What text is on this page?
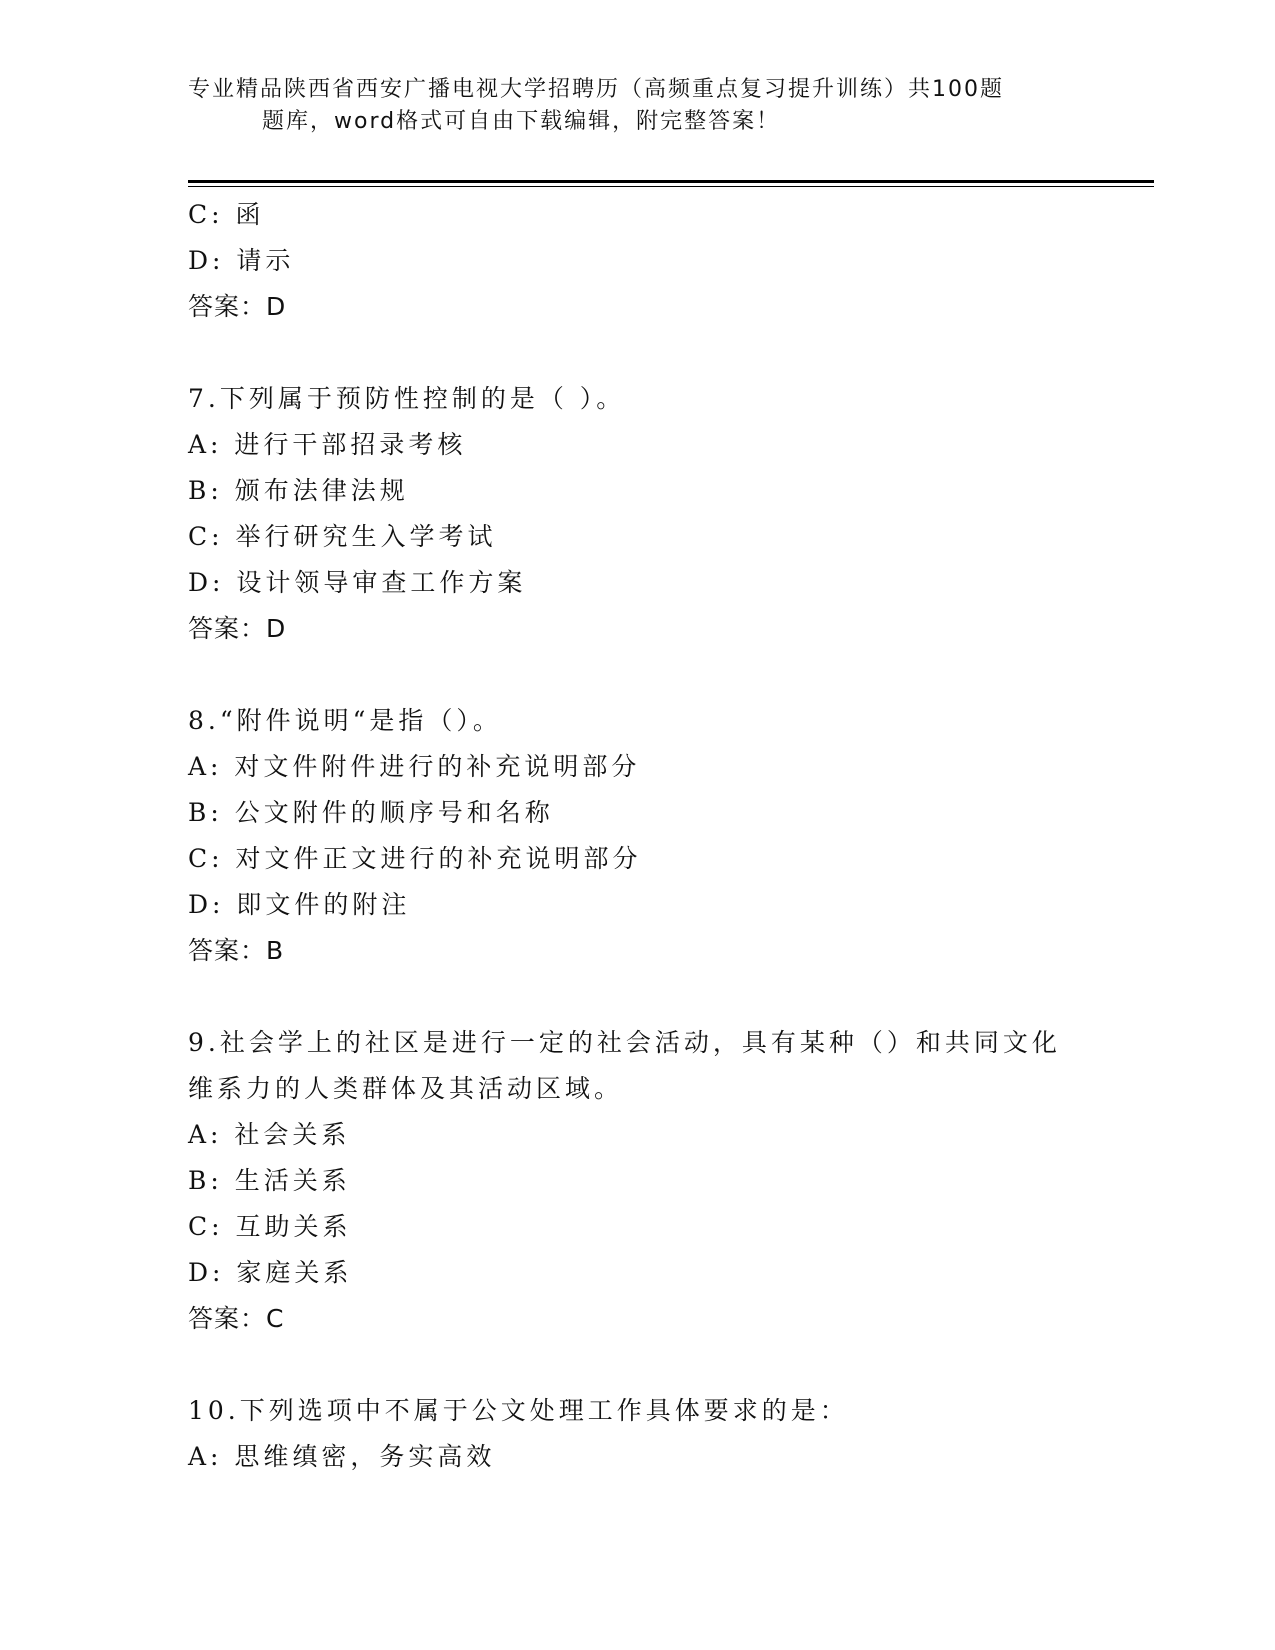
专业精品陕西省西安广播电视大学招聘历（高频重点复习提升训练）共100题
题库，word格式可自由下载编辑，附完整答案！
C: 函
D: 请示
答案：D
7.下列属于预防性控制的是（ ）。
A: 进行干部招录考核
B: 颁布法律法规
C: 举行研究生入学考试
D: 设计领导审查工作方案
答案：D
8.“附件说明“是指（）。
A: 对文件附件进行的补充说明部分
B: 公文附件的顺序号和名称
C: 对文件正文进行的补充说明部分
D: 即文件的附注
答案：B
9.社会学上的社区是进行一定的社会活动，具有某种（）和共同文化
维系力的人类群体及其活动区域。
A: 社会关系
B: 生活关系
C: 互助关系
D: 家庭关系
答案：C
10.下列选项中不属于公文处理工作具体要求的是：
A: 思维缜密，务实高效
